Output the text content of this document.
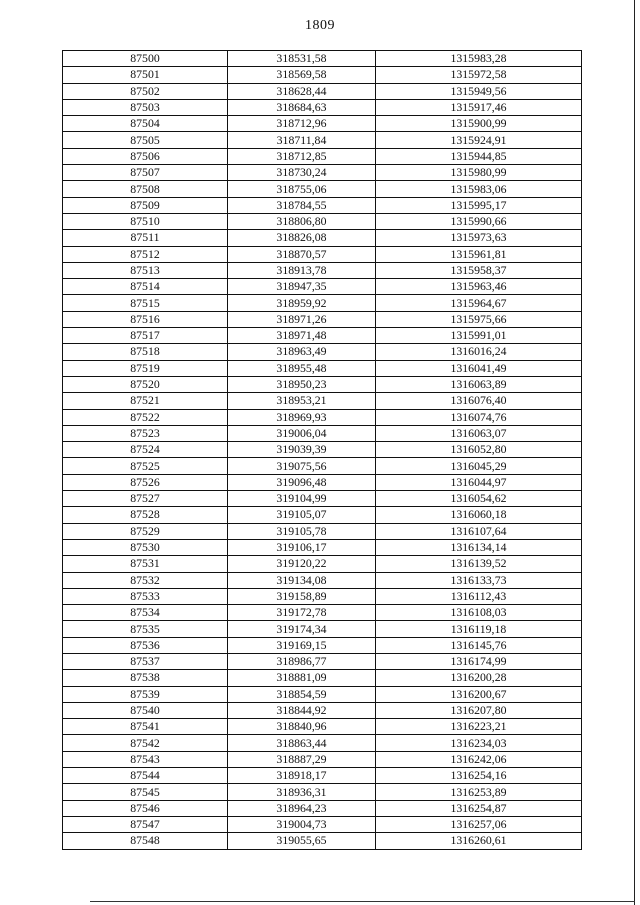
1809
87500	318531,58	1315983,28
87501	318569,58	1315972,58
87502	318628,44	1315949,56
87503	318684,63	1315917,46
87504	318712,96	1315900,99
87505	318711,84	1315924,91
87506	318712,85	1315944,85
87507	318730,24	1315980,99
87508	318755,06	1315983,06
87509	318784,55	1315995,17
87510	318806,80	1315990,66
87511	318826,08	1315973,63
87512	318870,57	1315961,81
87513	318913,78	1315958,37
87514	318947,35	1315963,46
87515	318959,92	1315964,67
87516	318971,26	1315975,66
87517	318971,48	1315991,01
87518	318963,49	1316016,24
87519	318955,48	1316041,49
87520	318950,23	1316063,89
87521	318953,21	1316076,40
87522	318969,93	1316074,76
87523	319006,04	1316063,07
87524	319039,39	1316052,80
87525	319075,56	1316045,29
87526	319096,48	1316044,97
87527	319104,99	1316054,62
87528	319105,07	1316060,18
87529	319105,78	1316107,64
87530	319106,17	1316134,14
87531	319120,22	1316139,52
87532	319134,08	1316133,73
87533	319158,89	1316112,43
87534	319172,78	1316108,03
87535	319174,34	1316119,18
87536	319169,15	1316145,76
87537	318986,77	1316174,99
87538	318881,09	1316200,28
87539	318854,59	1316200,67
87540	318844,92	1316207,80
87541	318840,96	1316223,21
87542	318863,44	1316234,03
87543	318887,29	1316242,06
87544	318918,17	1316254,16
87545	318936,31	1316253,89
87546	318964,23	1316254,87
87547	319004,73	1316257,06
87548	319055,65	1316260,61
